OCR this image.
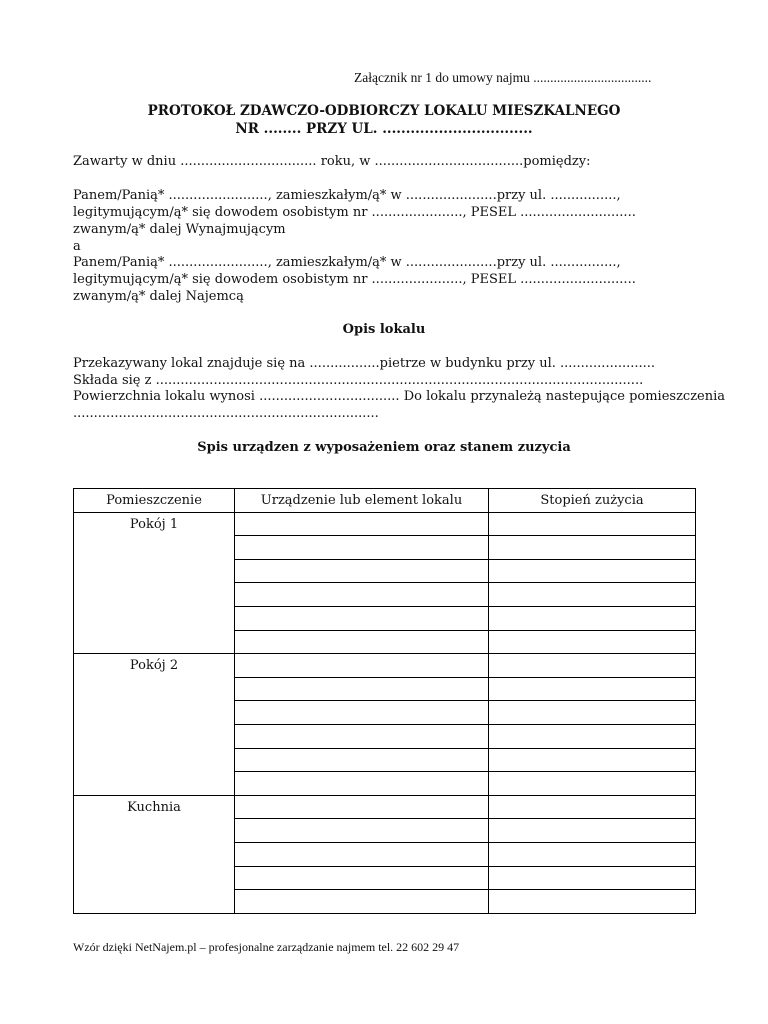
Załącznik nr 1 do umowy najmu ...................................
PROTOKOŁ ZDAWCZO-ODBIORCZY LOKALU MIESZKALNEGO
NR ........ PRZY UL. ................................
Zawarty w dniu ................................. roku, w ....................................pomiędzy:
Panem/Panią* ........................, zamieszkałym/ą* w ......................przy ul. ................,
legitymującym/ą* się dowodem osobistym nr ......................, PESEL ............................
zwanym/ą* dalej Wynajmującym
a
Panem/Panią* ........................, zamieszkałym/ą* w ......................przy ul. ................,
legitymującym/ą* się dowodem osobistym nr ......................, PESEL ............................
zwanym/ą* dalej Najemcą
Opis lokalu
Przekazywany lokal znajduje się na .................pietrze w budynku przy ul. .......................
Składa się z ......................................................................................................................
Powierzchnia lokalu wynosi .................................. Do lokalu przynależą nastepujące pomieszczenia
..........................................................................
Spis urządzen z wyposażeniem oraz stanem zuzycia
Pomieszczenie	Urządzenie lub element lokalu	Stopień zużycia
Pokój 1		

Pokój 2		

Kuchnia		

Wzór dzięki NetNajem.pl – profesjonalne zarządzanie najmem tel. 22 602 29 47
